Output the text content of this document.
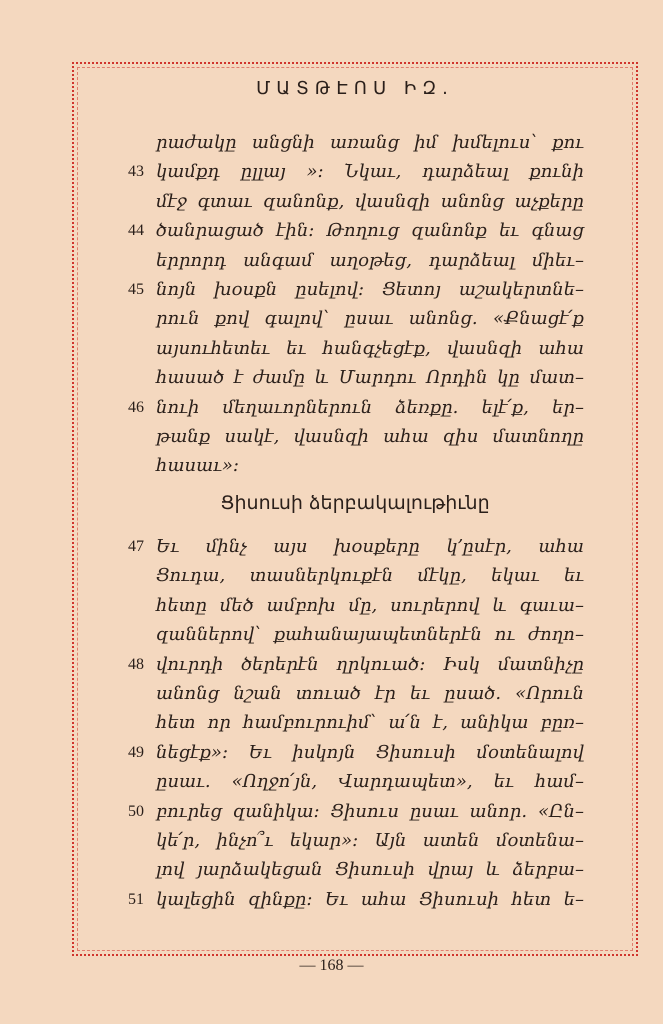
ՄԱՏԹԷՈՍ ԻԶ.
րաժակը անցնի առանց իմ խմելուս՝ քու
43 կամքդ ըլլայ »: Նկաւ, դարձեալ քունի
մէջ գտաւ զանոնք, վասնզի անոնց աչքերը
44 ծանրացած էին: Թողուց զանոնք եւ գնաց
երրորդ անգամ աղօթեց, դարձեալ միեւ–
45 նոյն խօսքն ըսելով: Ցետոյ աշակերտնե–
րուն քով գալով՝ ըսաւ անոնց. «Քնացէ՛ք
այսուհետեւ եւ հանգչեցէք, վասնզի ահա
հասած է ժամը և Մարդու Որդին կը մատ–
46 նուի մեղաւորներուն ձեռքը. ելէ՛ք, եր–
թանք սակէ, վասնզի ահա զիս մատնողը
հասաւ»:
Ցիսուսի ձերբակալութիւնը
47 Եւ մինչ այս խօսքերը կ՚ըսէր, ահա
Ցուդա, տասներկուքէն մէկը, եկաւ եւ
հետը մեծ ամբոխ մը, սուրերով և գաւա–
զաններով՝ քահանայապետներէն ու ժողո–
48 վուրդի ծերերէն ղրկուած: Իսկ մատնիչը
անոնց նշան տուած էր եւ ըսած. «Որուն
հետ որ համբուրուիմ՝ ա՛ն է, անիկա բըռ–
49 նեցէք»: Եւ իսկոյն Ցիսուսի մօտենալով
ըսաւ. «Ողջո՛յն, Վարդապետ», եւ համ–
50 բուրեց զանիկա: Ցիսուս ըսաւ անոր. «Ըն–
կե՛ր, ինչո՞ւ եկար»: Այն ատեն մօտենա–
լով յարձակեցան Ցիսուսի վրայ և ձերբա–
51 կալեցին զինքը: Եւ ահա Ցիսուսի հետ ե–
— 168 —
